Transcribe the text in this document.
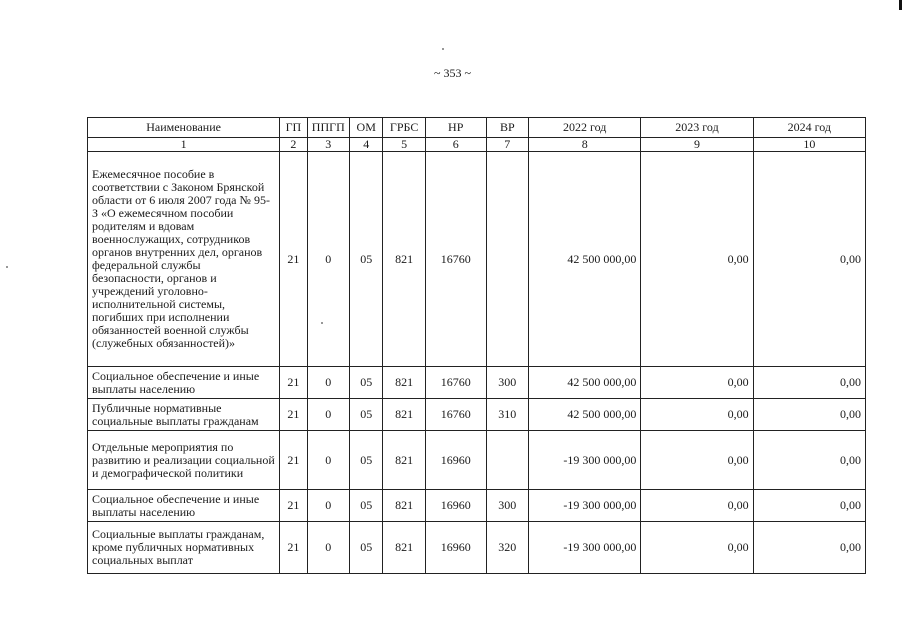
~ 353 ~
Наименование	ГП	ППГП	ОМ	ГРБС	НР	ВР	2022 год	2023 год	2024 год
1	2	3	4	5	6	7	8	9	10
Ежемесячное пособие в соответствии с Законом Брянской области от 6 июля 2007 года № 95-З «О ежемесячном пособии родителям и вдовам военнослужащих, сотрудников органов внутренних дел, органов федеральной службы безопасности, органов и учреждений уголовно-исполнительной системы, погибших при исполнении обязанностей военной службы (служебных обязанностей)»	21	0	05	821	16760		42 500 000,00	0,00	0,00
Социальное обеспечение и иные выплаты населению	21	0	05	821	16760	300	42 500 000,00	0,00	0,00
Публичные нормативные социальные выплаты гражданам	21	0	05	821	16760	310	42 500 000,00	0,00	0,00
Отдельные мероприятия по развитию и реализации социальной и демографической политики	21	0	05	821	16960		-19 300 000,00	0,00	0,00
Социальное обеспечение и иные выплаты населению	21	0	05	821	16960	300	-19 300 000,00	0,00	0,00
Социальные выплаты гражданам, кроме публичных нормативных социальных выплат	21	0	05	821	16960	320	-19 300 000,00	0,00	0,00
